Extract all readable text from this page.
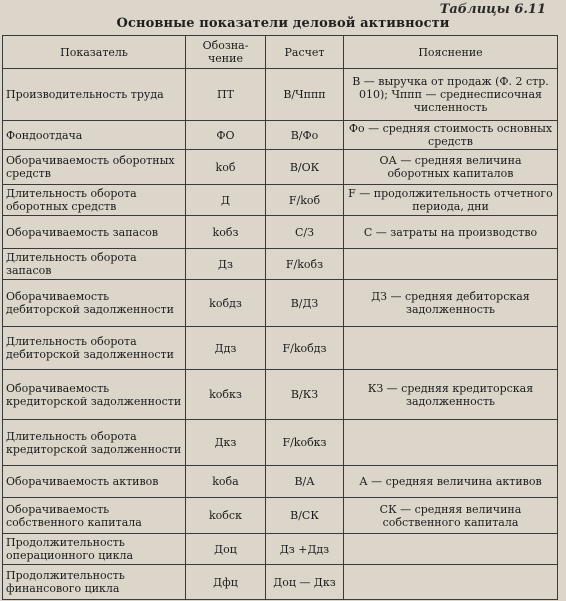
Таблицы 6.11
Основные показатели деловой активности
Показатель	Обозна-чение	Расчет	Пояснение
Производительность труда	ПТ	В/Чппп	В — выручка от продаж (Ф. 2 стр. 010); Чппп — среднесписочная численность
Фондоотдача	ФО	В/Фо	Фо — средняя стоимость основных средств
Оборачиваемость оборотных средств	kоб	В/ОК	ОА — средняя величина оборотных капиталов
Длительность оборота оборотных средств	Д	F/kоб	F — продолжительность отчетного периода, дни
Оборачиваемость запасов	kобз	С/З	С — затраты на производство
Длительность оборота запасов	Дз	F/kобз	
Оборачиваемость дебиторской задолженности	kобдз	В/ДЗ	ДЗ — средняя дебиторская задолженность
Длительность оборота дебиторской задолженности	Ддз	F/kобдз	
Оборачиваемость кредиторской задолженности	kобкз	В/КЗ	КЗ — средняя кредиторская задолженность
Длительность оборота кредиторской задолженности	Дкз	F/kобкз	
Оборачиваемость активов	kоба	В/А	А — средняя величина активов
Оборачиваемость собственного капитала	kобск	В/СК	СК — средняя величина собственного капитала
Продолжительность операционного цикла	Доц	Дз +Ддз	
Продолжительность финансового цикла	Дфц	Доц — Дкз	
